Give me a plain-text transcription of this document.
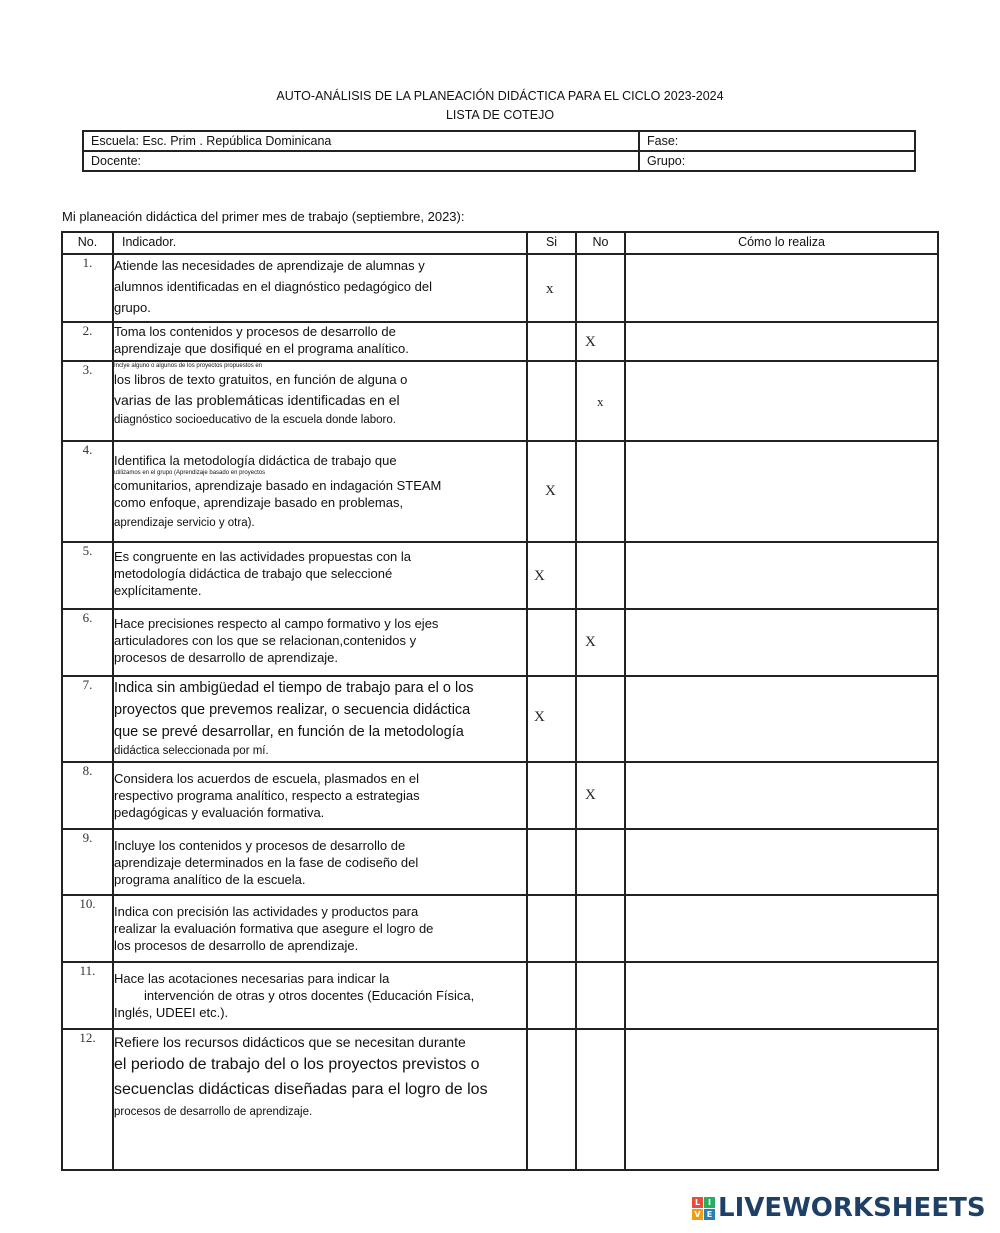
AUTO-ANÁLISIS DE LA PLANEACIÓN DIDÁCTICA PARA EL CICLO 2023-2024
LISTA DE COTEJO
Escuela: Esc. Prim . República Dominicana	Fase:
Docente:	Grupo:
Mi planeación didáctica del primer mes de trabajo (septiembre, 2023):
No.	Indicador.	Si	No	Cómo lo realiza
1.	Atiende las necesidades de aprendizaje de alumnas y
alumnos identificadas en el diagnóstico pedagógico del
grupo.	x		

2.	Toma los contenidos y procesos de desarrollo de
aprendizaje que dosifiqué en el programa analítico.		X	

3.	Inclye alguno o algunos de los proyectos propuestos en
los libros de texto gratuitos, en función de alguna o
varias de las problemáticas identificadas en el
diagnóstico socioeducativo de la escuela donde laboro.		x	

4.	Identifica la metodología didáctica de trabajo que
utilizamos en el grupo (Aprendizaje basado en proyectos
comunitarios, aprendizaje basado en indagación STEAM
como enfoque, aprendizaje basado en problemas,
aprendizaje servicio y otra).	X		

5.	Es congruente en las actividades propuestas con la
metodología didáctica de trabajo que seleccioné
explícitamente.	X		

6.	Hace precisiones respecto al campo formativo y los ejes
articuladores con los que se relacionan,contenidos y
procesos de desarrollo de aprendizaje.		X	

7.	Indica sin ambigüedad el tiempo de trabajo para el o los
proyectos que prevemos realizar, o secuencia didáctica
que se prevé desarrollar, en función de la metodología
didáctica seleccionada por mí.	X		

8.	Considera los acuerdos de escuela, plasmados en el
respectivo programa analítico, respecto a estrategias
pedagógicas y evaluación formativa.		X	

9.	Incluye los contenidos y procesos de desarrollo de
aprendizaje determinados en la fase de codiseño del
programa analítico de la escuela.			

10.	Indica con precisión las actividades y productos para
realizar la evaluación formativa que asegure el logro de
los procesos de desarrollo de aprendizaje.			

11.	Hace las acotaciones necesarias para indicar la
intervención de otras y otros docentes (Educación Física,
Inglés, UDEEI etc.).			

12.	Refiere los recursos didácticos que se necesitan durante
el periodo de trabajo del o los proyectos previstos o
secuenclas didácticas diseñadas para el logro de los
procesos de desarrollo de aprendizaje.			

L I
V E LIVEWORKSHEETS
